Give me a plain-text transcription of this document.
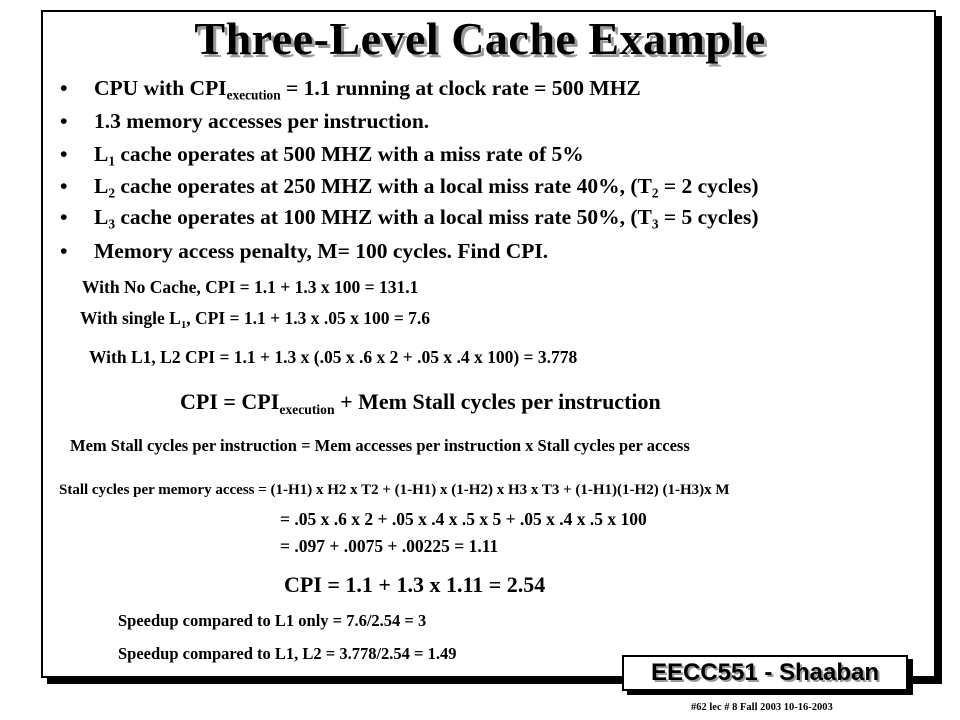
Three-Level Cache Example
• CPU with $CPI_{execution} = 1.1$ running at clock rate = 500 MHZ
• 1.3 memory accesses per instruction.
• $L_1$ cache operates at 500 MHZ with a miss rate of 5%
• $L_2$ cache operates at 250 MHZ with a local miss rate 40%, ($T_2 = 2$ cycles)
• $L_3$ cache operates at 100 MHZ with a local miss rate 50%, ($T_3 = 5$ cycles)
• Memory access penalty, M= 100 cycles. Find CPI.
With No Cache, CPI = 1.1 + 1.3 x 100 = 131.1
With single $L_1$, CPI = 1.1 + 1.3 x .05 x 100 = 7.6
With L1, L2 CPI = 1.1 + 1.3 x (.05 x .6 x 2 + .05 x .4 x 100) = 3.778
CPI = $CPI_{execution}$ + Mem Stall cycles per instruction
Mem Stall cycles per instruction = Mem accesses per instruction x Stall cycles per access
Stall cycles per memory access = (1-H1) x H2 x T2 + (1-H1) x (1-H2) x H3 x T3 + (1-H1)(1-H2) (1-H3)x M
= .05 x .6 x 2 + .05 x .4 x .5 x 5 + .05 x .4 x .5 x 100
= .097 + .0075 + .00225 = 1.11
CPI = 1.1 + 1.3 x 1.11 = 2.54
Speedup compared to L1 only = 7.6/2.54 = 3
Speedup compared to L1, L2 = 3.778/2.54 = 1.49
EECC551 - Shaaban
#62 lec # 8 Fall 2003 10-16-2003
